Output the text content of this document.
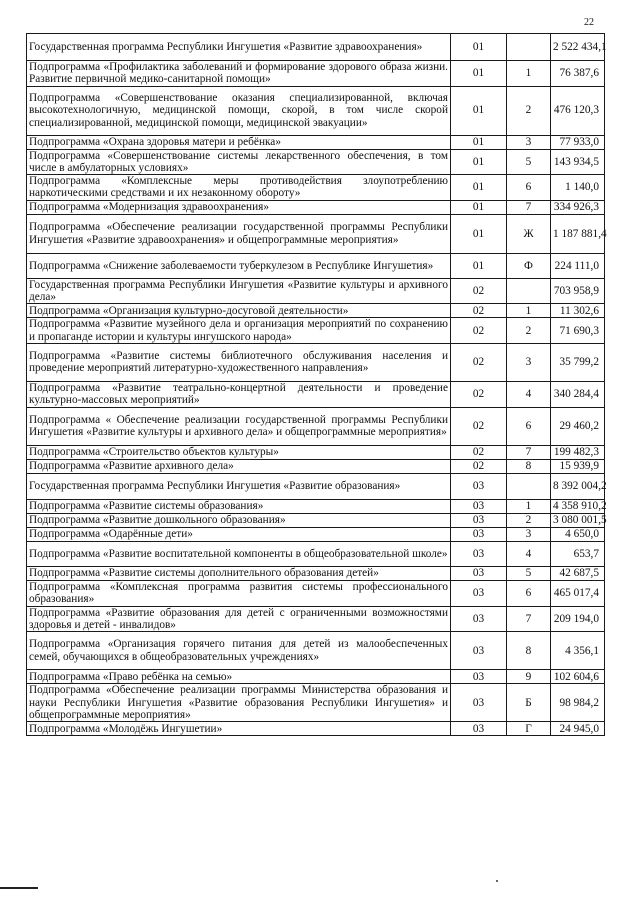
22
Государственная программа Республики Ингушетия «Развитие здравоохранения»	01		2 522 434,1
Подпрограмма «Профилактика заболеваний и формирование здорового образа жизни. Развитие первичной медико-санитарной помощи»	01	1	76 387,6
Подпрограмма «Совершенствование оказания специализированной, включая высокотехнологичную, медицинской помощи, скорой, в том числе скорой специализированной, медицинской помощи, медицинской эвакуации»	01	2	476 120,3
Подпрограмма «Охрана здоровья матери и ребёнка»	01	3	77 933,0
Подпрограмма «Совершенствование системы лекарственного обеспечения, в том числе в амбулаторных условиях»	01	5	143 934,5
Подпрограмма «Комплексные меры противодействия злоупотреблению наркотическими средствами и их незаконному обороту»	01	6	1 140,0
Подпрограмма «Модернизация здравоохранения»	01	7	334 926,3
Подпрограмма «Обеспечение реализации государственной программы Республики Ингушетия «Развитие здравоохранения» и общепрограммные мероприятия»	01	Ж	1 187 881,4
Подпрограмма «Снижение заболеваемости туберкулезом в Республике Ингушетия»	01	Ф	224 111,0
Государственная программа Республики Ингушетия «Развитие культуры и архивного дела»	02		703 958,9
Подпрограмма «Организация культурно-досуговой деятельности»	02	1	11 302,6
Подпрограмма «Развитие музейного дела и организация мероприятий по сохранению и пропаганде истории и культуры ингушского народа»	02	2	71 690,3
Подпрограмма «Развитие системы библиотечного обслуживания населения и проведение мероприятий литературно-художественного направления»	02	3	35 799,2
Подпрограмма «Развитие театрально-концертной деятельности и проведение культурно-массовых мероприятий»	02	4	340 284,4
Подпрограмма « Обеспечение реализации государственной программы Республики Ингушетия «Развитие культуры и архивного дела» и общепрограммные мероприятия»	02	6	29 460,2
Подпрограмма «Строительство объектов культуры»	02	7	199 482,3
Подпрограмма «Развитие архивного дела»	02	8	15 939,9
Государственная программа Республики Ингушетия «Развитие образования»	03		8 392 004,2
Подпрограмма «Развитие системы образования»	03	1	4 358 910,2
Подпрограмма «Развитие дошкольного образования»	03	2	3 080 001,5
Подпрограмма «Одарённые дети»	03	3	4 650,0
Подпрограмма «Развитие воспитательной компоненты в общеобразовательной школе»	03	4	653,7
Подпрограмма «Развитие системы дополнительного образования детей»	03	5	42 687,5
Подпрограмма «Комплексная программа развития системы профессионального образования»	03	6	465 017,4
Подпрограмма «Развитие образования для детей с ограниченными возможностями здоровья и детей - инвалидов»	03	7	209 194,0
Подпрограмма «Организация горячего питания для детей из малообеспеченных семей, обучающихся в общеобразовательных учреждениях»	03	8	4 356,1
Подпрограмма «Право ребёнка на семью»	03	9	102 604,6
Подпрограмма «Обеспечение реализации программы Министерства образования и науки Республики Ингушетия «Развитие образования Республики Ингушетия» и общепрограммные мероприятия»	03	Б	98 984,2
Подпрограмма «Молодёжь Ингушетии»	03	Г	24 945,0
